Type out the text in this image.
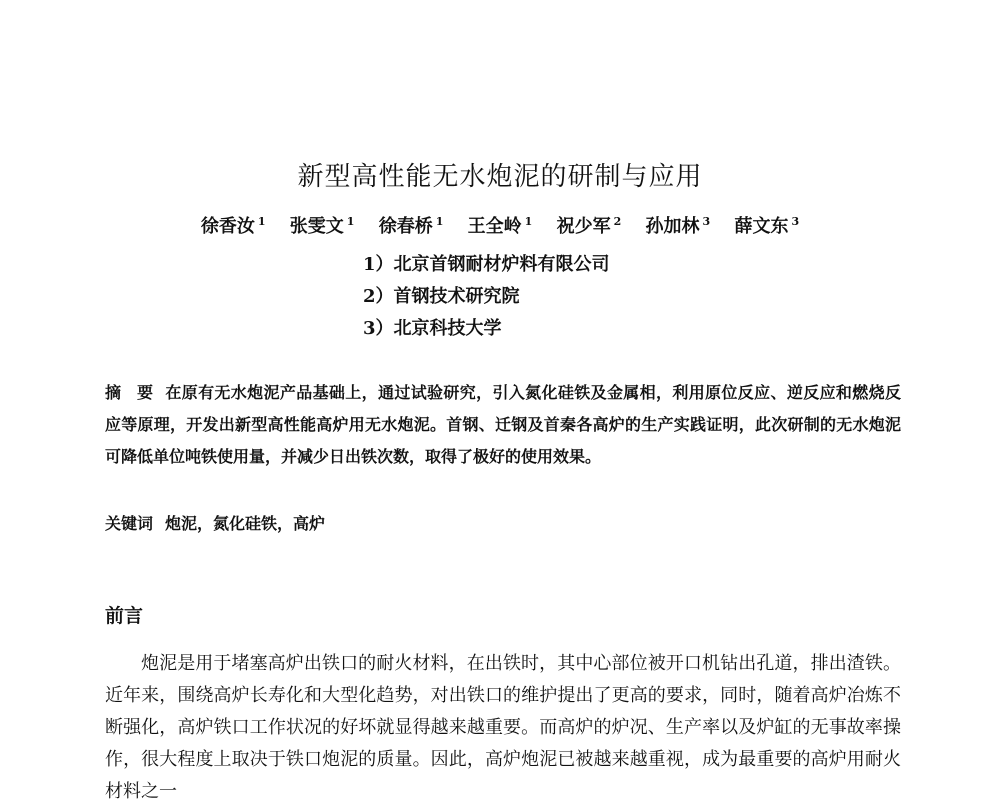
新型高性能无水炮泥的研制与应用
徐香汝 $^1$ 张雯文 $^1$ 徐春桥 $^1$ 王全岭 $^1$ 祝少军 $^2$ 孙加林 $^3$ 薛文东 $^3$
1）北京首钢耐材炉料有限公司
2）首钢技术研究院
3）北京科技大学
摘　要 在原有无水炮泥产品基础上，通过试验研究，引入氮化硅铁及金属相，利用原位反应、逆反应和燃烧反应等原理，开发出新型高性能高炉用无水炮泥。首钢、迁钢及首秦各高炉的生产实践证明，此次研制的无水炮泥可降低单位吨铁使用量，并减少日出铁次数，取得了极好的使用效果。
关键词 炮泥，氮化硅铁，高炉
前言
炮泥是用于堵塞高炉出铁口的耐火材料，在出铁时，其中心部位被开口机钻出孔道，排出渣铁。近年来，围绕高炉长寿化和大型化趋势，对出铁口的维护提出了更高的要求，同时，随着高炉冶炼不断强化，高炉铁口工作状况的好坏就显得越来越重要。而高炉的炉况、生产率以及炉缸的无事故率操作，很大程度上取决于铁口炮泥的质量。因此，高炉炮泥已被越来越重视，成为最重要的高炉用耐火材料之一
